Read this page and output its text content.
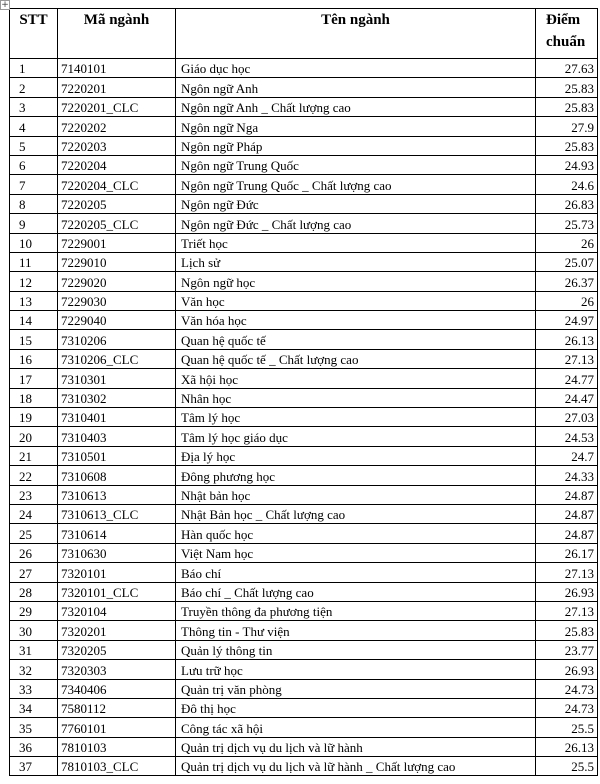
+
STT	Mã ngành	Tên ngành	Điểm chuẩn
1	7140101	Giáo dục học	27.63
2	7220201	Ngôn ngữ Anh	25.83
3	7220201_CLC	Ngôn ngữ Anh _ Chất lượng cao	25.83
4	7220202	Ngôn ngữ Nga	27.9
5	7220203	Ngôn ngữ Pháp	25.83
6	7220204	Ngôn ngữ Trung Quốc	24.93
7	7220204_CLC	Ngôn ngữ Trung Quốc _ Chất lượng cao	24.6
8	7220205	Ngôn ngữ Đức	26.83
9	7220205_CLC	Ngôn ngữ Đức _ Chất lượng cao	25.73
10	7229001	Triết học	26
11	7229010	Lịch sử	25.07
12	7229020	Ngôn ngữ học	26.37
13	7229030	Văn học	26
14	7229040	Văn hóa học	24.97
15	7310206	Quan hệ quốc tế	26.13
16	7310206_CLC	Quan hệ quốc tế _ Chất lượng cao	27.13
17	7310301	Xã hội học	24.77
18	7310302	Nhân học	24.47
19	7310401	Tâm lý học	27.03
20	7310403	Tâm lý học giáo dục	24.53
21	7310501	Địa lý học	24.7
22	7310608	Đông phương học	24.33
23	7310613	Nhật bản học	24.87
24	7310613_CLC	Nhật Bản học _ Chất lượng cao	24.87
25	7310614	Hàn quốc học	24.87
26	7310630	Việt Nam học	26.17
27	7320101	Báo chí	27.13
28	7320101_CLC	Báo chí _ Chất lượng cao	26.93
29	7320104	Truyền thông đa phương tiện	27.13
30	7320201	Thông tin - Thư viện	25.83
31	7320205	Quản lý thông tin	23.77
32	7320303	Lưu trữ học	26.93
33	7340406	Quản trị văn phòng	24.73
34	7580112	Đô thị học	24.73
35	7760101	Công tác xã hội	25.5
36	7810103	Quản trị dịch vụ du lịch và lữ hành	26.13
37	7810103_CLC	Quản trị dịch vụ du lịch và lữ hành _ Chất lượng cao	25.5
